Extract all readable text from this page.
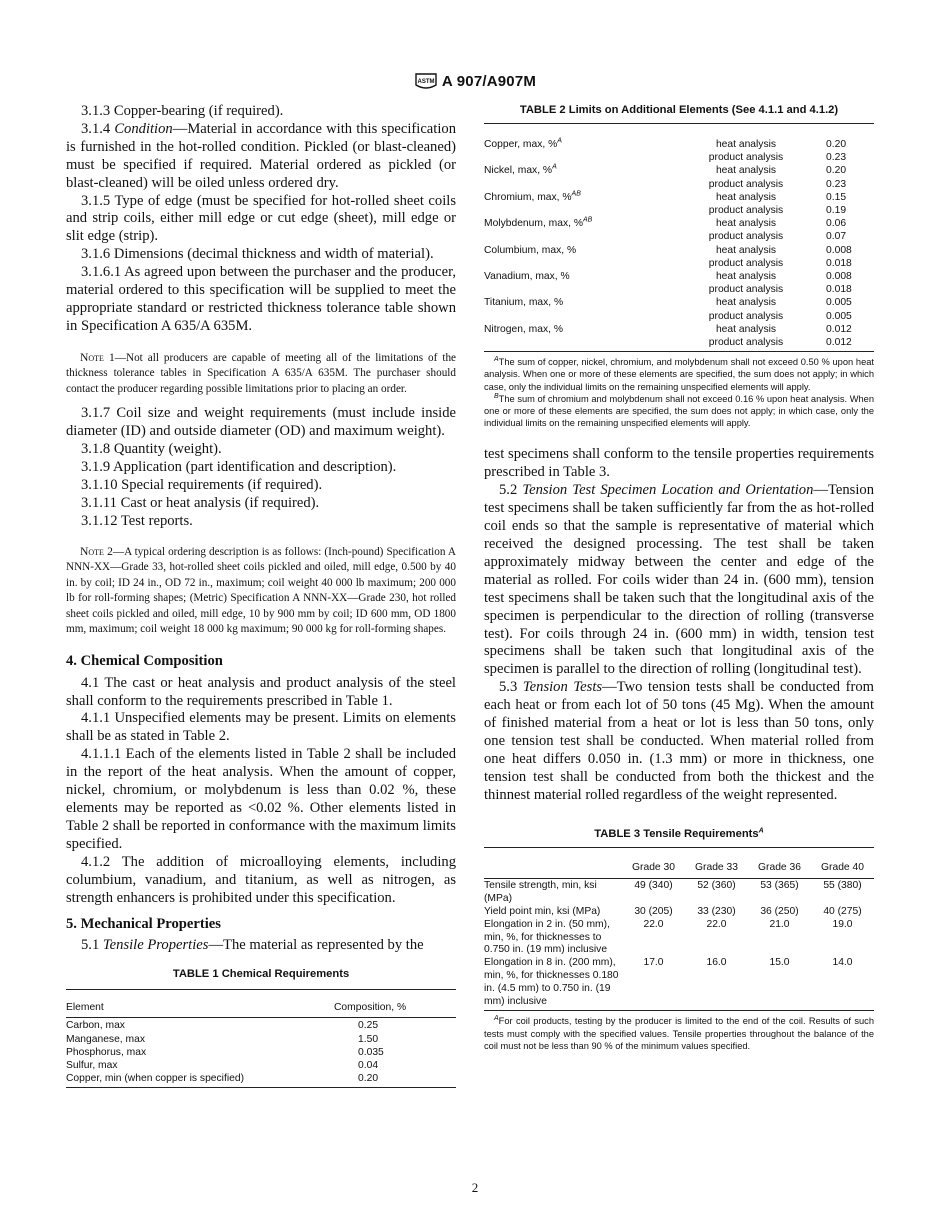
ASTM A 907/A907M

3.1.3 Copper-bearing (if required).

3.1.4 Condition—Material in accordance with this specification is furnished in the hot-rolled condition. Pickled (or blast-cleaned) must be specified if required. Material ordered as pickled (or blast-cleaned) will be oiled unless ordered dry.

3.1.5 Type of edge (must be specified for hot-rolled sheet coils and strip coils, either mill edge or cut edge (sheet), mill edge or slit edge (strip).

3.1.6 Dimensions (decimal thickness and width of material).

3.1.6.1 As agreed upon between the purchaser and the producer, material ordered to this specification will be supplied to meet the appropriate standard or restricted thickness tolerance table shown in Specification A 635/A 635M.

Note 1—Not all producers are capable of meeting all of the limitations of the thickness tolerance tables in Specification A 635/A 635M. The purchaser should contact the producer regarding possible limitations prior to placing an order.

3.1.7 Coil size and weight requirements (must include inside diameter (ID) and outside diameter (OD) and maximum weight).

3.1.8 Quantity (weight).

3.1.9 Application (part identification and description).

3.1.10 Special requirements (if required).

3.1.11 Cast or heat analysis (if required).

3.1.12 Test reports.

Note 2—A typical ordering description is as follows: (Inch-pound) Specification A NNN-XX—Grade 33, hot-rolled sheet coils pickled and oiled, mill edge, 0.500 by 40 in. by coil; ID 24 in., OD 72 in., maximum; coil weight 40 000 lb maximum; 200 000 lb for roll-forming shapes; (Metric) Specification A NNN-XX—Grade 230, hot rolled sheet coils pickled and oiled, mill edge, 10 by 900 mm by coil; ID 600 mm, OD 1800 mm, maximum; coil weight 18 000 kg maximum; 90 000 kg for roll-forming shapes.

4. Chemical Composition

4.1 The cast or heat analysis and product analysis of the steel shall conform to the requirements prescribed in Table 1.

4.1.1 Unspecified elements may be present. Limits on elements shall be as stated in Table 2.

4.1.1.1 Each of the elements listed in Table 2 shall be included in the report of the heat analysis. When the amount of copper, nickel, chromium, or molybdenum is less than 0.02 %, these elements may be reported as <0.02 %. Other elements listed in Table 2 shall be reported in conformance with the maximum limits specified.

4.1.2 The addition of microalloying elements, including columbium, vanadium, and titanium, as well as nitrogen, as strength enhancers is prohibited under this specification.

5. Mechanical Properties

5.1 Tensile Properties—The material as represented by the

TABLE 1 Chemical Requirements

Element	Composition, %
Carbon, max	0.25
Manganese, max	1.50
Phosphorus, max	0.035
Sulfur, max	0.04
Copper, min (when copper is specified)	0.20

TABLE 2 Limits on Additional Elements (See 4.1.1 and 4.1.2)

Copper, max, %$^A$	heat analysis	0.20
	product analysis	0.23
Nickel, max, %$^A$	heat analysis	0.20
	product analysis	0.23
Chromium, max, %$^{AB}$	heat analysis	0.15
	product analysis	0.19
Molybdenum, max, %$^{AB}$	heat analysis	0.06
	product analysis	0.07
Columbium, max, %	heat analysis	0.008
	product analysis	0.018
Vanadium, max, %	heat analysis	0.008
	product analysis	0.018
Titanium, max, %	heat analysis	0.005
	product analysis	0.005
Nitrogen, max, %	heat analysis	0.012
	product analysis	0.012

$^A$The sum of copper, nickel, chromium, and molybdenum shall not exceed 0.50 % upon heat analysis. When one or more of these elements are specified, the sum does not apply; in which case, only the individual limits on the remaining unspecified elements will apply.

$^B$The sum of chromium and molybdenum shall not exceed 0.16 % upon heat analysis. When one or more of these elements are specified, the sum does not apply; in which case, only the individual limits on the remaining unspecified elements will apply.

test specimens shall conform to the tensile properties requirements prescribed in Table 3.

5.2 Tension Test Specimen Location and Orientation—Tension test specimens shall be taken sufficiently far from the as hot-rolled coil ends so that the sample is representative of material which received the designed processing. The test shall be taken approximately midway between the center and edge of the material as rolled. For coils wider than 24 in. (600 mm), tension test specimens shall be taken such that the longitudinal axis of the specimen is perpendicular to the direction of rolling (transverse test). For coils through 24 in. (600 mm) in width, tension test specimens shall be taken such that longitudinal axis of the specimen is parallel to the direction of rolling (longitudinal test).

5.3 Tension Tests—Two tension tests shall be conducted from each heat or from each lot of 50 tons (45 Mg). When the amount of finished material from a heat or lot is less than 50 tons, only one tension test shall be conducted. When material rolled from one heat differs 0.050 in. (1.3 mm) or more in thickness, one tension test shall be conducted from both the thickest and the thinnest material rolled regardless of the weight represented.

TABLE 3 Tensile Requirements$^A$

	Grade 30	Grade 33	Grade 36	Grade 40
Tensile strength, min, ksi (MPa)	49 (340)	52 (360)	53 (365)	55 (380)
Yield point min, ksi (MPa)	30 (205)	33 (230)	36 (250)	40 (275)
Elongation in 2 in. (50 mm), min, %, for thicknesses to 0.750 in. (19 mm) inclusive	22.0	22.0	21.0	19.0
Elongation in 8 in. (200 mm), min, %, for thicknesses 0.180 in. (4.5 mm) to 0.750 in. (19 mm) inclusive	17.0	16.0	15.0	14.0

$^A$For coil products, testing by the producer is limited to the end of the coil. Results of such tests must comply with the specified values. Tensile properties throughout the balance of the coil must not be less than 90 % of the minimum values specified.

2
